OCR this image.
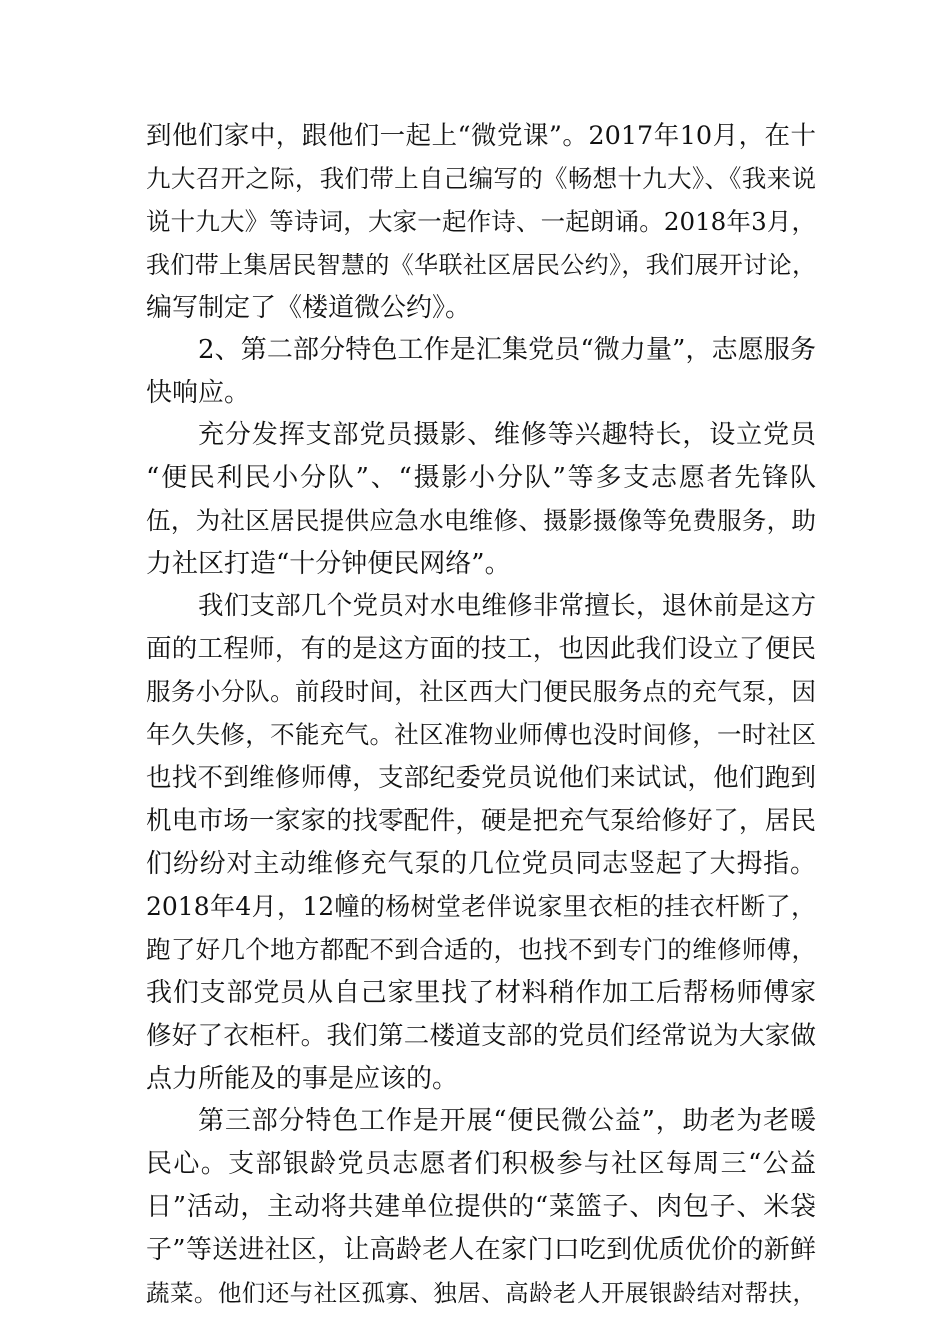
到他们家中，跟他们一起上“微党课”。2017年10月，在十
九大召开之际，我们带上自己编写的《畅想十九大》、《我来说
说十九大》等诗词，大家一起作诗、一起朗诵。2018年3月，
我们带上集居民智慧的《华联社区居民公约》，我们展开讨论，
编写制定了《楼道微公约》。
2、第二部分特色工作是汇集党员“微力量”，志愿服务
快响应。
充分发挥支部党员摄影、维修等兴趣特长，设立党员
“便民利民小分队”、“摄影小分队”等多支志愿者先锋队
伍，为社区居民提供应急水电维修、摄影摄像等免费服务，助
力社区打造“十分钟便民网络”。
我们支部几个党员对水电维修非常擅长，退休前是这方
面的工程师，有的是这方面的技工，也因此我们设立了便民
服务小分队。前段时间，社区西大门便民服务点的充气泵，因
年久失修，不能充气。社区准物业师傅也没时间修，一时社区
也找不到维修师傅，支部纪委党员说他们来试试，他们跑到
机电市场一家家的找零配件，硬是把充气泵给修好了，居民
们纷纷对主动维修充气泵的几位党员同志竖起了大拇指。
2018年4月，12幢的杨树堂老伴说家里衣柜的挂衣杆断了，
跑了好几个地方都配不到合适的，也找不到专门的维修师傅，
我们支部党员从自己家里找了材料稍作加工后帮杨师傅家
修好了衣柜杆。我们第二楼道支部的党员们经常说为大家做
点力所能及的事是应该的。
第三部分特色工作是开展“便民微公益”，助老为老暖
民心。支部银龄党员志愿者们积极参与社区每周三“公益
日”活动，主动将共建单位提供的“菜篮子、肉包子、米袋
子”等送进社区，让高龄老人在家门口吃到优质优价的新鲜
蔬菜。他们还与社区孤寡、独居、高龄老人开展银龄结对帮扶，
